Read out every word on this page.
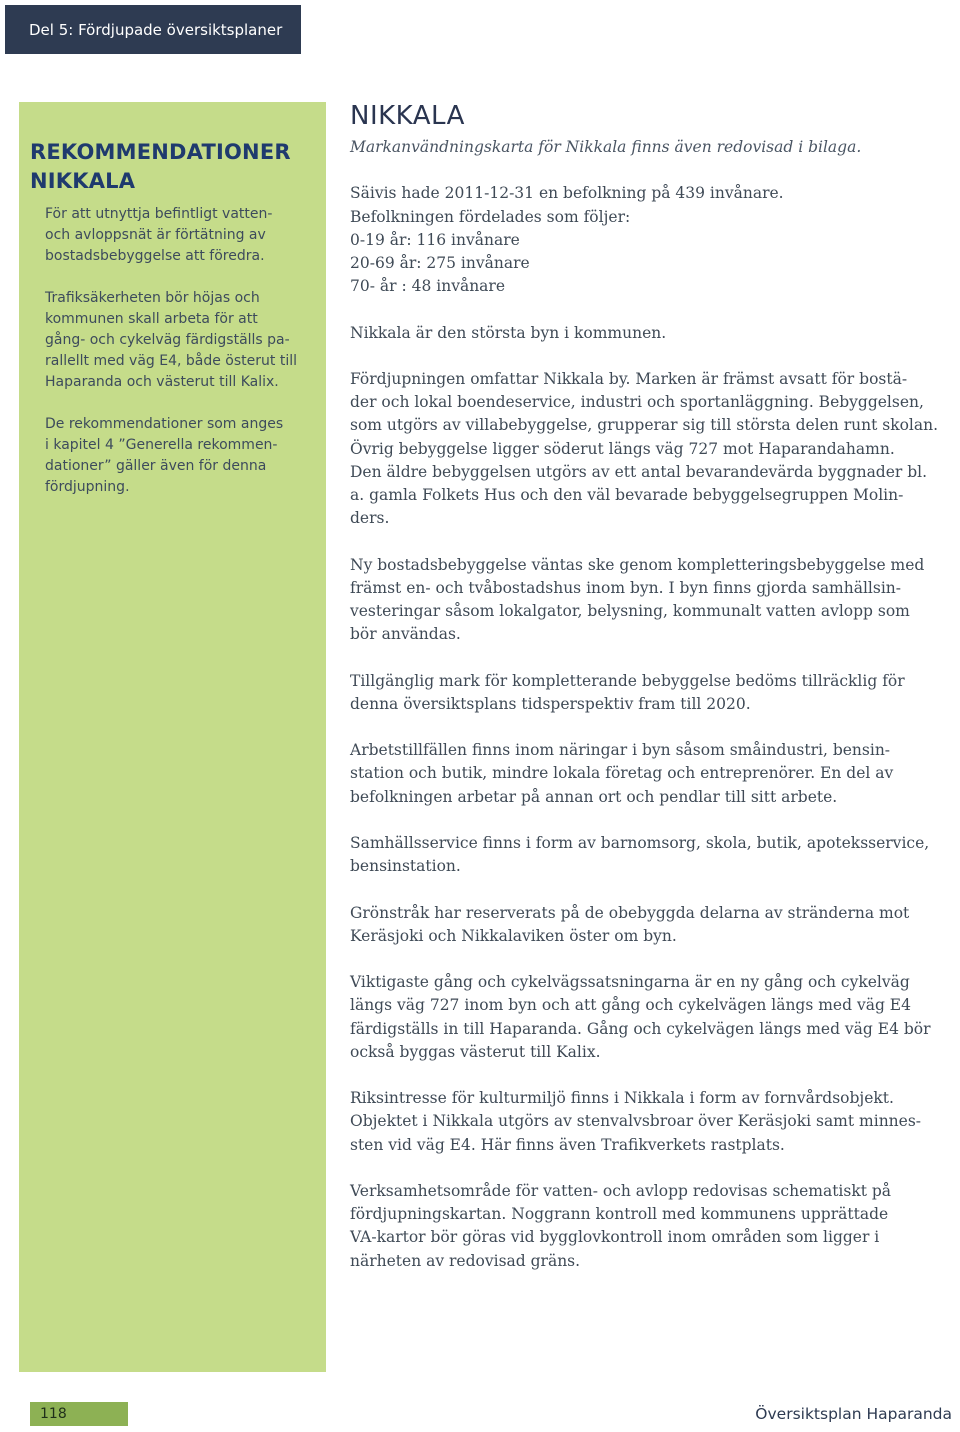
Del 5: Fördjupade översiktsplaner
REKOMMENDATIONER
NIKKALA

För att utnyttja befintligt vatten-
och avloppsnät är förtätning av
bostadsbebyggelse att föredra.

Trafiksäkerheten bör höjas och
kommunen skall arbeta för att
gång- och cykelväg färdigställs pa-
rallellt med väg E4, både österut till
Haparanda och västerut till Kalix.

De rekommendationer som anges
i kapitel 4 ”Generella rekommen-
dationer” gäller även för denna
fördjupning.

NIKKALA

Markanvändningskarta för Nikkala finns även redovisad i bilaga.

Säivis hade 2011-12-31 en befolkning på 439 invånare.
Befolkningen fördelades som följer:
0-19 år: 116 invånare
20-69 år: 275 invånare
70- år : 48 invånare

Nikkala är den största byn i kommunen.

Fördjupningen omfattar Nikkala by. Marken är främst avsatt för bostä-
der och lokal boendeservice, industri och sportanläggning. Bebyggelsen,
som utgörs av villabebyggelse, grupperar sig till största delen runt skolan.
Övrig bebyggelse ligger söderut längs väg 727 mot Haparandahamn.
Den äldre bebyggelsen utgörs av ett antal bevarandevärda byggnader bl.
a. gamla Folkets Hus och den väl bevarade bebyggelsegruppen Molin-
ders.

Ny bostadsbebyggelse väntas ske genom kompletteringsbebyggelse med
främst en- och tvåbostadshus inom byn. I byn finns gjorda samhällsin-
vesteringar såsom lokalgator, belysning, kommunalt vatten avlopp som
bör användas.

Tillgänglig mark för kompletterande bebyggelse bedöms tillräcklig för
denna översiktsplans tidsperspektiv fram till 2020.

Arbetstillfällen finns inom näringar i byn såsom småindustri, bensin-
station och butik, mindre lokala företag och entreprenörer. En del av
befolkningen arbetar på annan ort och pendlar till sitt arbete.

Samhällsservice finns i form av barnomsorg, skola, butik, apoteksservice,
bensinstation.

Grönstråk har reserverats på de obebyggda delarna av stränderna mot
Keräsjoki och Nikkalaviken öster om byn.

Viktigaste gång och cykelvägssatsningarna är en ny gång och cykelväg
längs väg 727 inom byn och att gång och cykelvägen längs med väg E4
färdigställs in till Haparanda. Gång och cykelvägen längs med väg E4 bör
också byggas västerut till Kalix.

Riksintresse för kulturmiljö finns i Nikkala i form av fornvårdsobjekt.
Objektet i Nikkala utgörs av stenvalvsbroar över Keräsjoki samt minnes-
sten vid väg E4. Här finns även Trafikverkets rastplats.

Verksamhetsområde för vatten- och avlopp redovisas schematiskt på
fördjupningskartan. Noggrann kontroll med kommunens upprättade
VA-kartor bör göras vid bygglovkontroll inom områden som ligger i
närheten av redovisad gräns.

118	Översiktsplan Haparanda
